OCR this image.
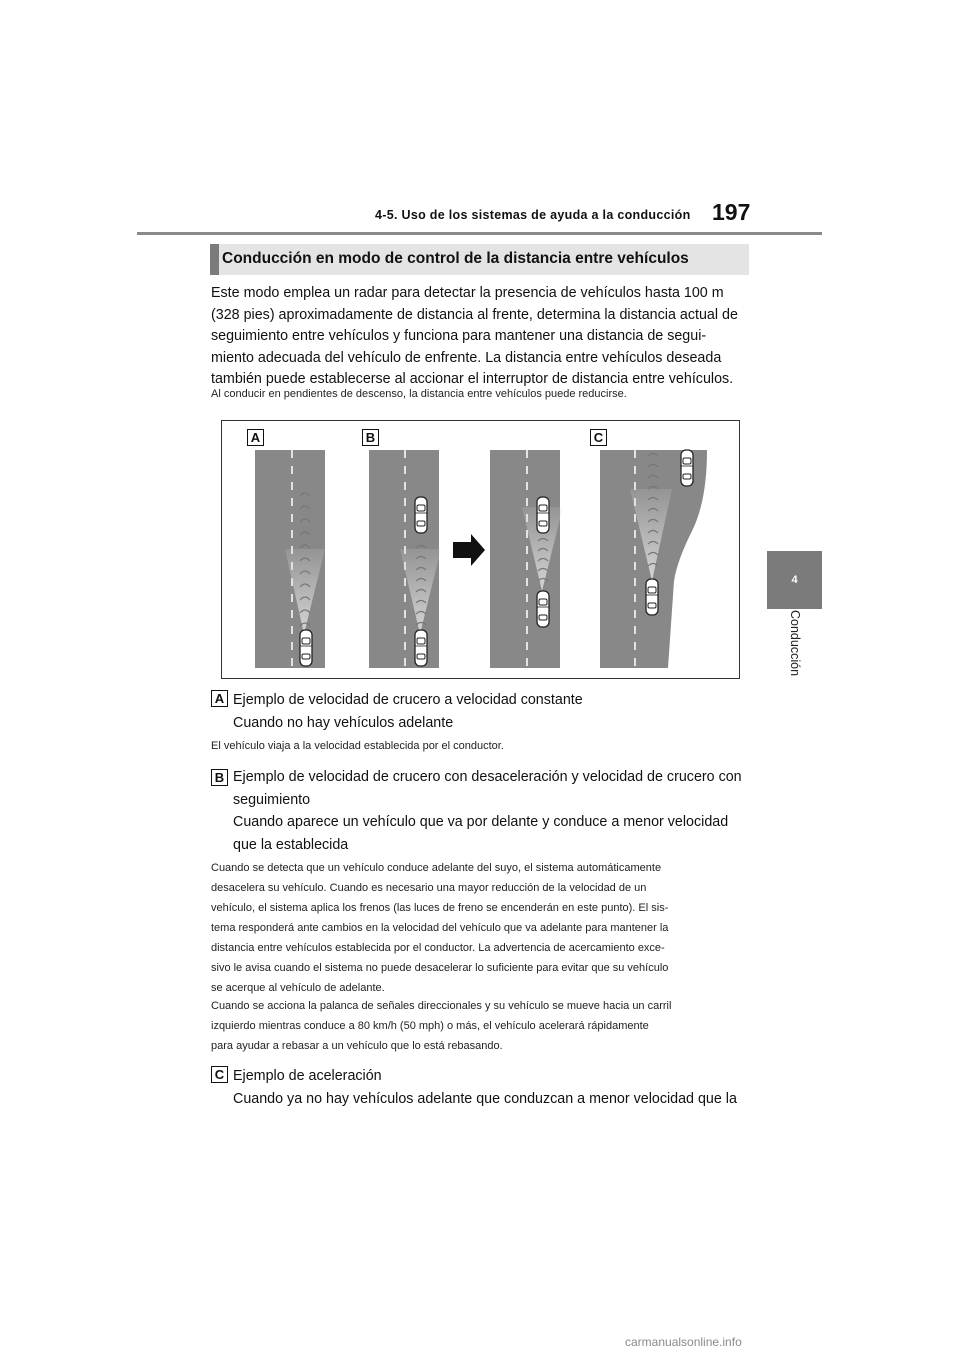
4-5. Uso de los sistemas de ayuda a la conducción 197
4
Conducción
Conducción en modo de control de la distancia entre vehículos
Este modo emplea un radar para detectar la presencia de vehículos hasta 100 m
(328 pies) aproximadamente de distancia al frente, determina la distancia actual de
seguimiento entre vehículos y funciona para mantener una distancia de segui-
miento adecuada del vehículo de enfrente. La distancia entre vehículos deseada
también puede establecerse al accionar el interruptor de distancia entre vehículos.
Al conducir en pendientes de descenso, la distancia entre vehículos puede reducirse.
A	B	C
A Ejemplo de velocidad de crucero a velocidad constante
Cuando no hay vehículos adelante
El vehículo viaja a la velocidad establecida por el conductor.
B Ejemplo de velocidad de crucero con desaceleración y velocidad de crucero con
seguimiento
Cuando aparece un vehículo que va por delante y conduce a menor velocidad
que la establecida
Cuando se detecta que un vehículo conduce adelante del suyo, el sistema automáticamente
desacelera su vehículo. Cuando es necesario una mayor reducción de la velocidad de un
vehículo, el sistema aplica los frenos (las luces de freno se encenderán en este punto). El sis-
tema responderá ante cambios en la velocidad del vehículo que va adelante para mantener la
distancia entre vehículos establecida por el conductor. La advertencia de acercamiento exce-
sivo le avisa cuando el sistema no puede desacelerar lo suficiente para evitar que su vehículo
se acerque al vehículo de adelante.
Cuando se acciona la palanca de señales direccionales y su vehículo se mueve hacia un carril
izquierdo mientras conduce a 80 km/h (50 mph) o más, el vehículo acelerará rápidamente
para ayudar a rebasar a un vehículo que lo está rebasando.
C Ejemplo de aceleración
Cuando ya no hay vehículos adelante que conduzcan a menor velocidad que la
carmanualsonline.info
